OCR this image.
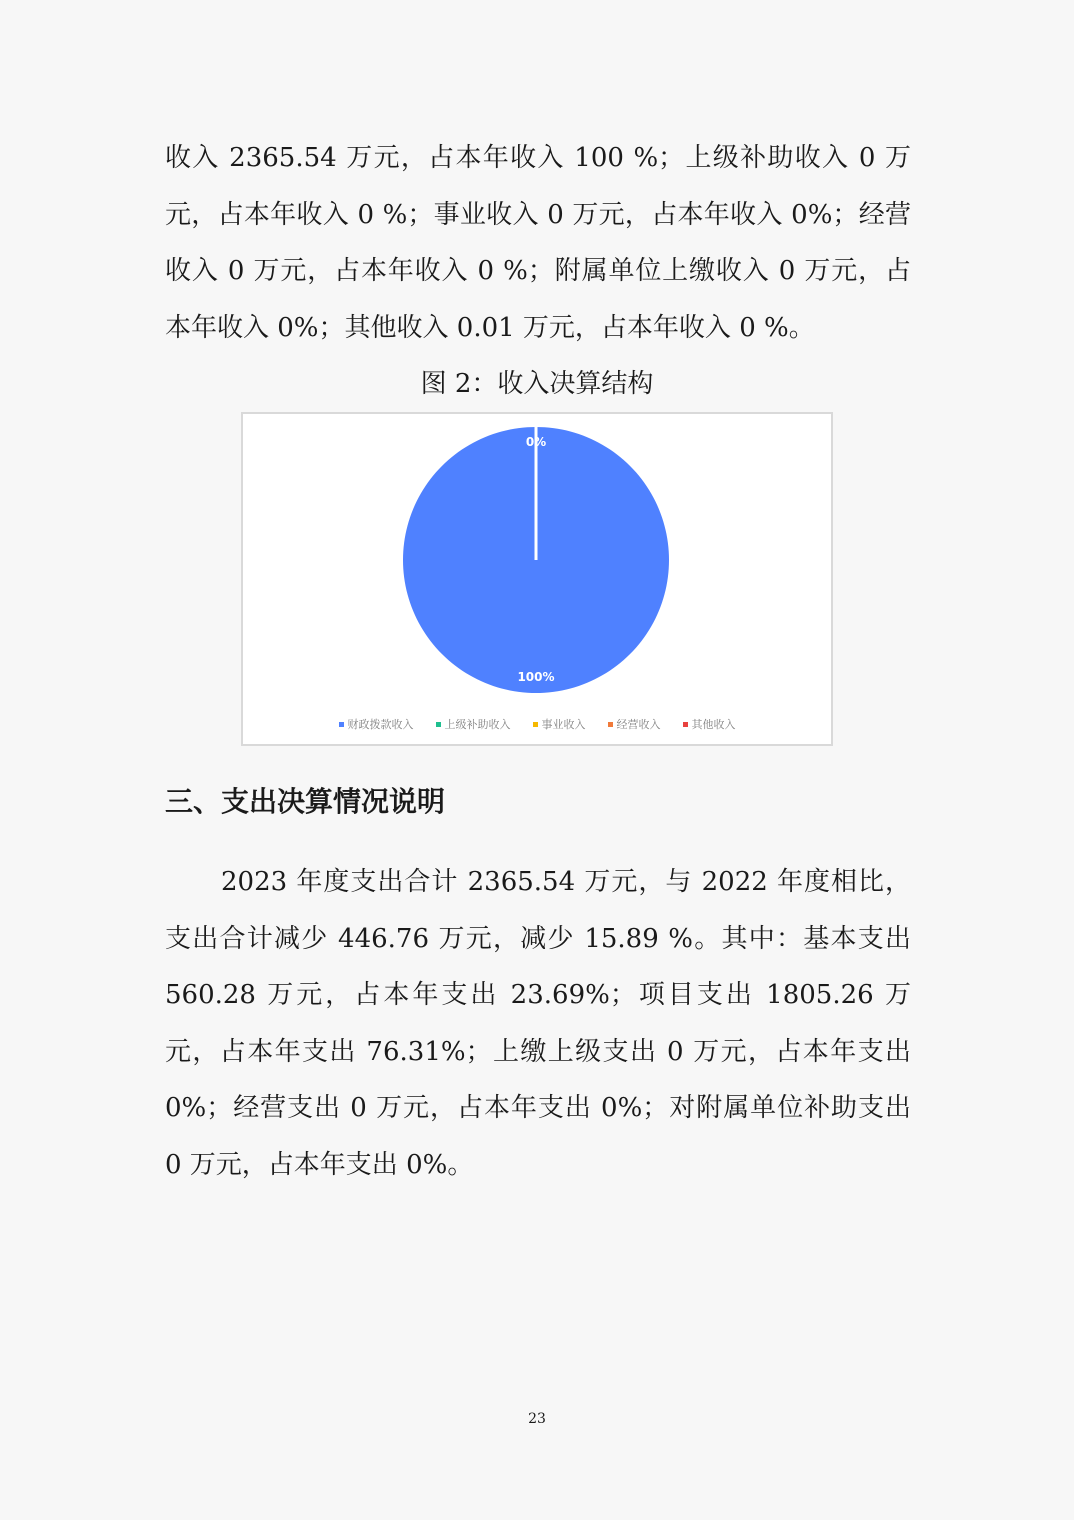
收入 2365.54 万元，占本年收入 100 %；上级补助收入 0 万元，占本年收入 0 %；事业收入 0 万元，占本年收入 0%；经营收入 0 万元，占本年收入 0 %；附属单位上缴收入 0 万元，占本年收入 0%；其他收入 0.01 万元，占本年收入 0 %。

图 2：收入决算结构
100%
0%
财政拨款收入	上级补助收入	事业收入	经营收入	其他收入
三、支出决算情况说明

2023 年度支出合计 2365.54 万元，与 2022 年度相比，支出合计减少 446.76 万元，减少 15.89 %。其中：基本支出 560.28 万元，占本年支出 23.69%；项目支出 1805.26 万元，占本年支出 76.31%；上缴上级支出 0 万元，占本年支出 0%；经营支出 0 万元，占本年支出 0%；对附属单位补助支出 0 万元，占本年支出 0%。

23
